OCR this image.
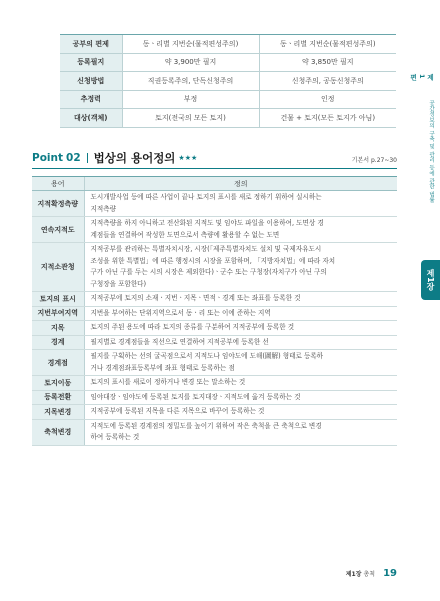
제1편
공간정보의 구축 및 관리 등에 관한 법률
제1장
공부의 편제	동ㆍ리별 지번순(물적편성주의)	동ㆍ리별 지번순(물적편성주의)
등록필지	약 3,900만 필지	약 3,850만 필지
신청방법	직권등록주의, 단독신청주의	신청주의, 공동신청주의
추정력	부정	인정
대상(객체)	토지(전국의 모든 토지)	건물 + 토지(모든 토지가 아님)
Point 02 법상의 용어정의 ★★★	기본서 p.27~30
용어	정의
지적확정측량	도시개발사업 등에 따른 사업이 끝나 토지의 표시를 새로 정하기 위하여 실시하는
지적측량

연속지적도	지적측량을 하지 아니하고 전산화된 지적도 및 임야도 파일을 이용하여, 도면상 경
계점들을 연결하여 작성한 도면으로서 측량에 활용할 수 없는 도면

지적소관청	지적공부를 관리하는 특별자치시장, 시장(「제주특별자치도 설치 및 국제자유도시
조성을 위한 특별법」에 따른 행정시의 시장을 포함하며, 「지방자치법」에 따라 자치
구가 아닌 구를 두는 시의 시장은 제외한다)ㆍ군수 또는 구청장(자치구가 아닌 구의
구청장을 포함한다)

토지의 표시	지적공부에 토지의 소재ㆍ지번ㆍ지목ㆍ면적ㆍ경계 또는 좌표를 등록한 것

지번부여지역	지번을 부여하는 단위지역으로서 동ㆍ리 또는 이에 준하는 지역

지목	토지의 주된 용도에 따라 토지의 종류를 구분하여 지적공부에 등록한 것

경계	필지별로 경계점들을 직선으로 연결하여 지적공부에 등록한 선

경계점	필지를 구획하는 선의 굴곡점으로서 지적도나 임야도에 도해(圖解) 형태로 등록하
거나 경계점좌표등록부에 좌표 형태로 등록하는 점

토지이동	토지의 표시를 새로이 정하거나 변경 또는 말소하는 것

등록전환	임야대장ㆍ임야도에 등록된 토지를 토지대장ㆍ지적도에 옮겨 등록하는 것

지목변경	지적공부에 등록된 지목을 다른 지목으로 바꾸어 등록하는 것

축척변경	지적도에 등록된 경계점의 정밀도를 높이기 위하여 작은 축척을 큰 축척으로 변경
하여 등록하는 것
제1장 총칙 19
